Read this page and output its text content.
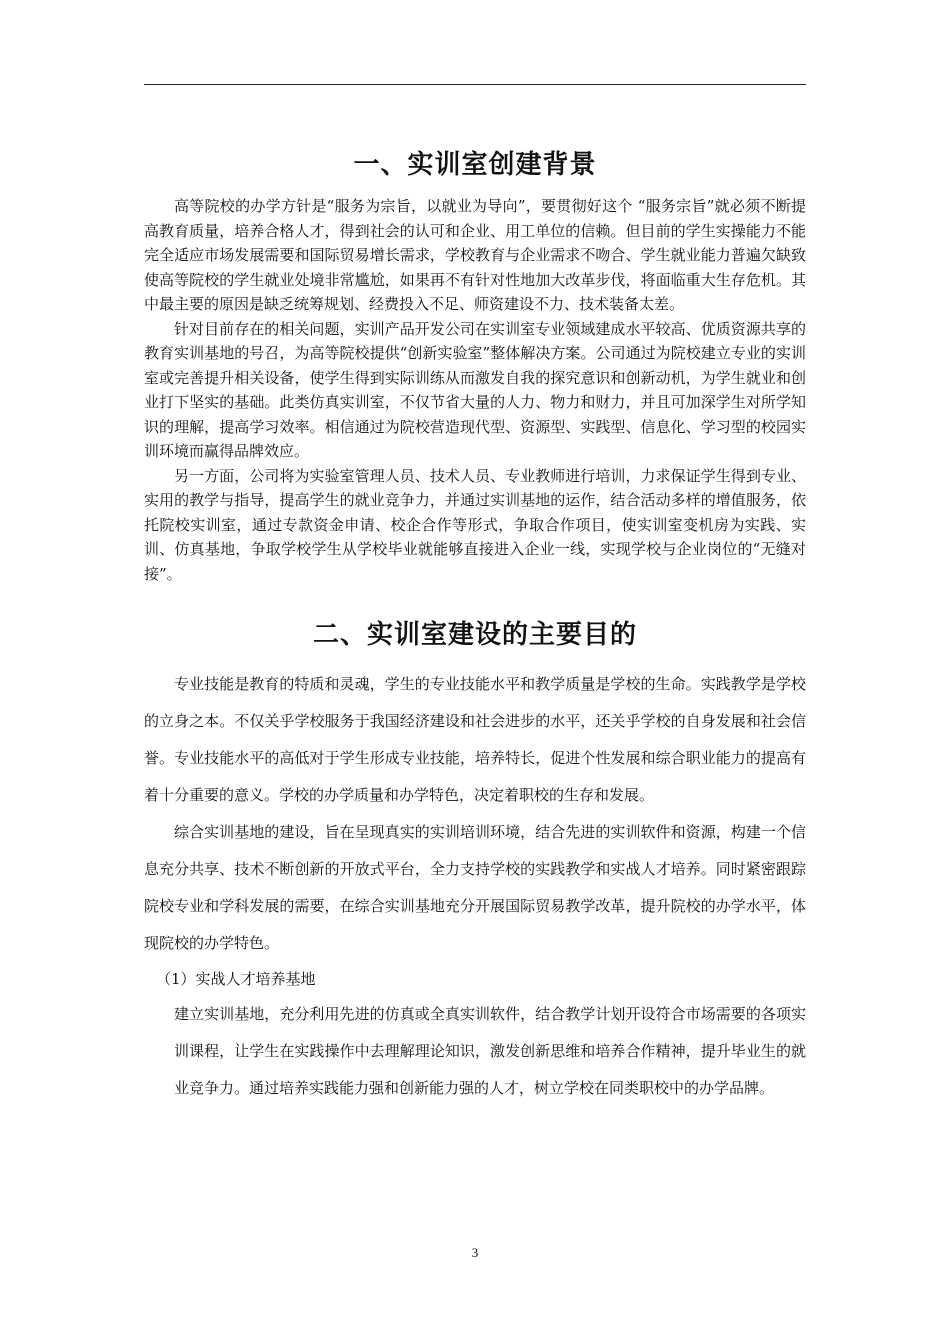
一、实训室创建背景

高等院校的办学方针是“服务为宗旨，以就业为导向”，要贯彻好这个 “服务宗旨”就必须不断提高教育质量，培养合格人才，得到社会的认可和企业、用工单位的信赖。但目前的学生实操能力不能完全适应市场发展需要和国际贸易增长需求，学校教育与企业需求不吻合、学生就业能力普遍欠缺致使高等院校的学生就业处境非常尴尬，如果再不有针对性地加大改革步伐，将面临重大生存危机。其中最主要的原因是缺乏统筹规划、经费投入不足、师资建设不力、技术装备太差。

针对目前存在的相关问题，实训产品开发公司在实训室专业领域建成水平较高、优质资源共享的教育实训基地的号召，为高等院校提供“创新实验室”整体解决方案。公司通过为院校建立专业的实训室或完善提升相关设备，使学生得到实际训练从而激发自我的探究意识和创新动机，为学生就业和创业打下坚实的基础。此类仿真实训室，不仅节省大量的人力、物力和财力，并且可加深学生对所学知识的理解，提高学习效率。相信通过为院校营造现代型、资源型、实践型、信息化、学习型的校园实训环境而赢得品牌效应。

另一方面，公司将为实验室管理人员、技术人员、专业教师进行培训，力求保证学生得到专业、实用的教学与指导，提高学生的就业竞争力，并通过实训基地的运作，结合活动多样的增值服务，依托院校实训室，通过专款资金申请、校企合作等形式，争取合作项目，使实训室变机房为实践、实训、仿真基地，争取学校学生从学校毕业就能够直接进入企业一线，实现学校与企业岗位的“无缝对接”。

二、实训室建设的主要目的

专业技能是教育的特质和灵魂，学生的专业技能水平和教学质量是学校的生命。实践教学是学校的立身之本。不仅关乎学校服务于我国经济建设和社会进步的水平，还关乎学校的自身发展和社会信誉。专业技能水平的高低对于学生形成专业技能，培养特长，促进个性发展和综合职业能力的提高有着十分重要的意义。学校的办学质量和办学特色，决定着职校的生存和发展。

综合实训基地的建设，旨在呈现真实的实训培训环境，结合先进的实训软件和资源，构建一个信息充分共享、技术不断创新的开放式平台，全力支持学校的实践教学和实战人才培养。同时紧密跟踪院校专业和学科发展的需要，在综合实训基地充分开展国际贸易教学改革，提升院校的办学水平，体现院校的办学特色。

（1）实战人才培养基地

建立实训基地，充分利用先进的仿真或全真实训软件，结合教学计划开设符合市场需要的各项实训课程，让学生在实践操作中去理解理论知识，激发创新思维和培养合作精神，提升毕业生的就业竞争力。通过培养实践能力强和创新能力强的人才，树立学校在同类职校中的办学品牌。

3
